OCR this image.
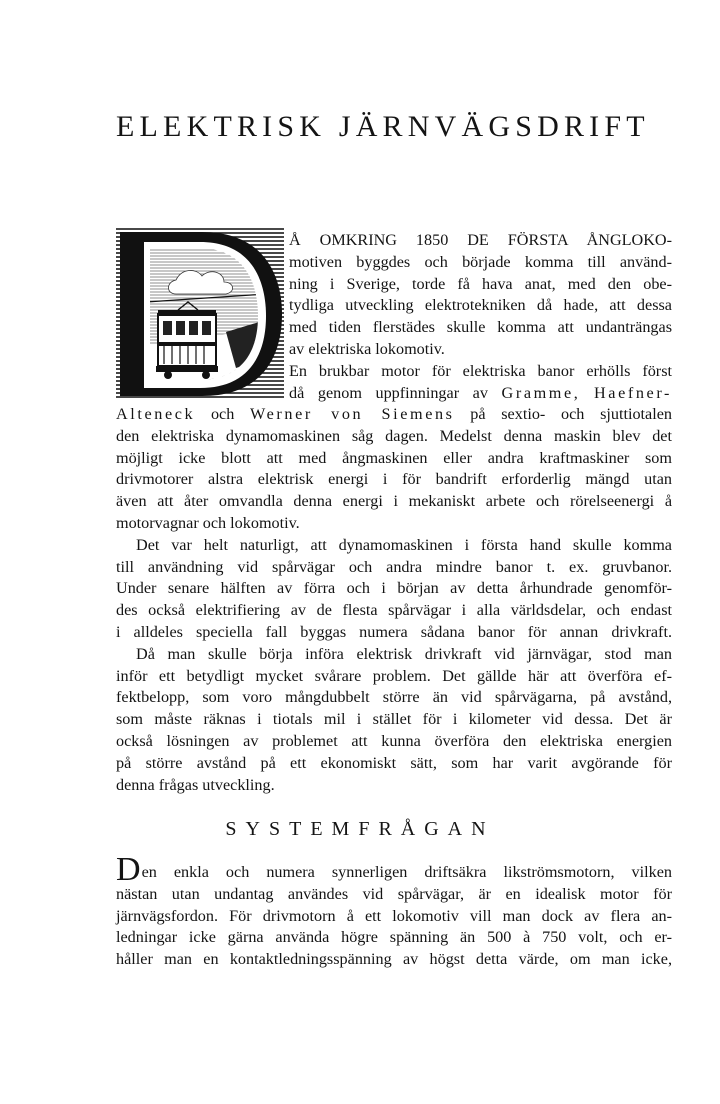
ELEKTRISK JÄRNVÄGSDRIFT
Å OMKRING 1850 DE FÖRSTA ÅNGLOKO-
motiven byggdes och började komma till använd-
ning i Sverige, torde få hava anat, med den obe-
tydliga utveckling elektrotekniken då hade, att dessa
med tiden flerstädes skulle komma att undanträngas
av elektriska lokomotiv.
En brukbar motor för elektriska banor erhölls först
då genom uppfinningar av Gramme, Haefner-
Alteneck och Werner von Siemens på sextio- och sjuttiotalen
den elektriska dynamomaskinen såg dagen. Medelst denna maskin blev det
möjligt icke blott att med ångmaskinen eller andra kraftmaskiner som
drivmotorer alstra elektrisk energi i för bandrift erforderlig mängd utan
även att åter omvandla denna energi i mekaniskt arbete och rörelseenergi å
motorvagnar och lokomotiv.
Det var helt naturligt, att dynamomaskinen i första hand skulle komma
till användning vid spårvägar och andra mindre banor t. ex. gruvbanor.
Under senare hälften av förra och i början av detta århundrade genomför-
des också elektrifiering av de flesta spårvägar i alla världsdelar, och endast
i alldeles speciella fall byggas numera sådana banor för annan drivkraft.
Då man skulle börja införa elektrisk drivkraft vid järnvägar, stod man
inför ett betydligt mycket svårare problem. Det gällde här att överföra ef-
fektbelopp, som voro mångdubbelt större än vid spårvägarna, på avstånd,
som måste räknas i tiotals mil i stället för i kilometer vid dessa. Det är
också lösningen av problemet att kunna överföra den elektriska energien
på större avstånd på ett ekonomiskt sätt, som har varit avgörande för
denna frågas utveckling.
SYSTEMFRÅGAN
Den enkla och numera synnerligen driftsäkra likströmsmotorn, vilken
nästan utan undantag användes vid spårvägar, är en idealisk motor för
järnvägsfordon. För drivmotorn å ett lokomotiv vill man dock av flera an-
ledningar icke gärna använda högre spänning än 500 à 750 volt, och er-
håller man en kontaktledningsspänning av högst detta värde, om man icke,
